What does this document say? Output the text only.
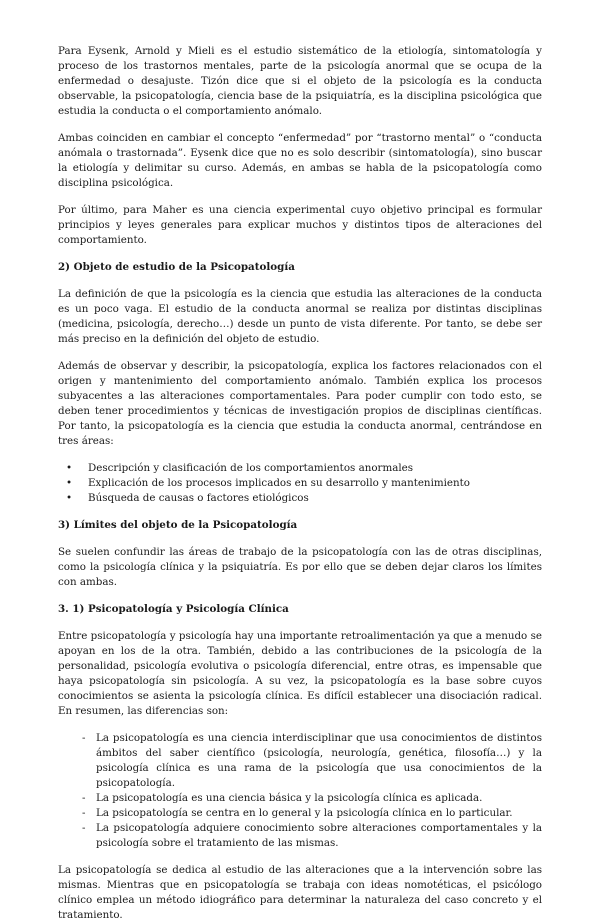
Para Eysenk, Arnold y Mieli es el estudio sistemático de la etiología, sintomatología y proceso de los trastornos mentales, parte de la psicología anormal que se ocupa de la enfermedad o desajuste. Tizón dice que si el objeto de la psicología es la conducta observable, la psicopatología, ciencia base de la psiquiatría, es la disciplina psicológica que estudia la conducta o el comportamiento anómalo.

Ambas coinciden en cambiar el concepto “enfermedad” por “trastorno mental” o “conducta anómala o trastornada”. Eysenk dice que no es solo describir (sintomatología), sino buscar la etiología y delimitar su curso. Además, en ambas se habla de la psicopatología como disciplina psicológica.

Por último, para Maher es una ciencia experimental cuyo objetivo principal es formular principios y leyes generales para explicar muchos y distintos tipos de alteraciones del comportamiento.

2) Objeto de estudio de la Psicopatología

La definición de que la psicología es la ciencia que estudia las alteraciones de la conducta es un poco vaga. El estudio de la conducta anormal se realiza por distintas disciplinas (medicina, psicología, derecho…) desde un punto de vista diferente. Por tanto, se debe ser más preciso en la definición del objeto de estudio.

Además de observar y describir, la psicopatología, explica los factores relacionados con el origen y mantenimiento del comportamiento anómalo. También explica los procesos subyacentes a las alteraciones comportamentales. Para poder cumplir con todo esto, se deben tener procedimientos y técnicas de investigación propios de disciplinas científicas. Por tanto, la psicopatología es la ciencia que estudia la conducta anormal, centrándose en tres áreas:

• Descripción y clasificación de los comportamientos anormales
• Explicación de los procesos implicados en su desarrollo y mantenimiento
• Búsqueda de causas o factores etiológicos
3) Límites del objeto de la Psicopatología

Se suelen confundir las áreas de trabajo de la psicopatología con las de otras disciplinas, como la psicología clínica y la psiquiatría. Es por ello que se deben dejar claros los límites con ambas.

3. 1) Psicopatología y Psicología Clínica

Entre psicopatología y psicología hay una importante retroalimentación ya que a menudo se apoyan en los de la otra. También, debido a las contribuciones de la psicología de la personalidad, psicología evolutiva o psicología diferencial, entre otras, es impensable que haya psicopatología sin psicología. A su vez, la psicopatología es la base sobre cuyos conocimientos se asienta la psicología clínica. Es difícil establecer una disociación radical. En resumen, las diferencias son:

- La psicopatología es una ciencia interdisciplinar que usa conocimientos de distintos ámbitos del saber científico (psicología, neurología, genética, filosofía…) y la psicología clínica es una rama de la psicología que usa conocimientos de la psicopatología.
- La psicopatología es una ciencia básica y la psicología clínica es aplicada.
- La psicopatología se centra en lo general y la psicología clínica en lo particular.
- La psicopatología adquiere conocimiento sobre alteraciones comportamentales y la psicología sobre el tratamiento de las mismas.

La psicopatología se dedica al estudio de las alteraciones que a la intervención sobre las mismas. Mientras que en psicopatología se trabaja con ideas nomotéticas, el psicólogo clínico emplea un método idiográfico para determinar la naturaleza del caso concreto y el tratamiento.
